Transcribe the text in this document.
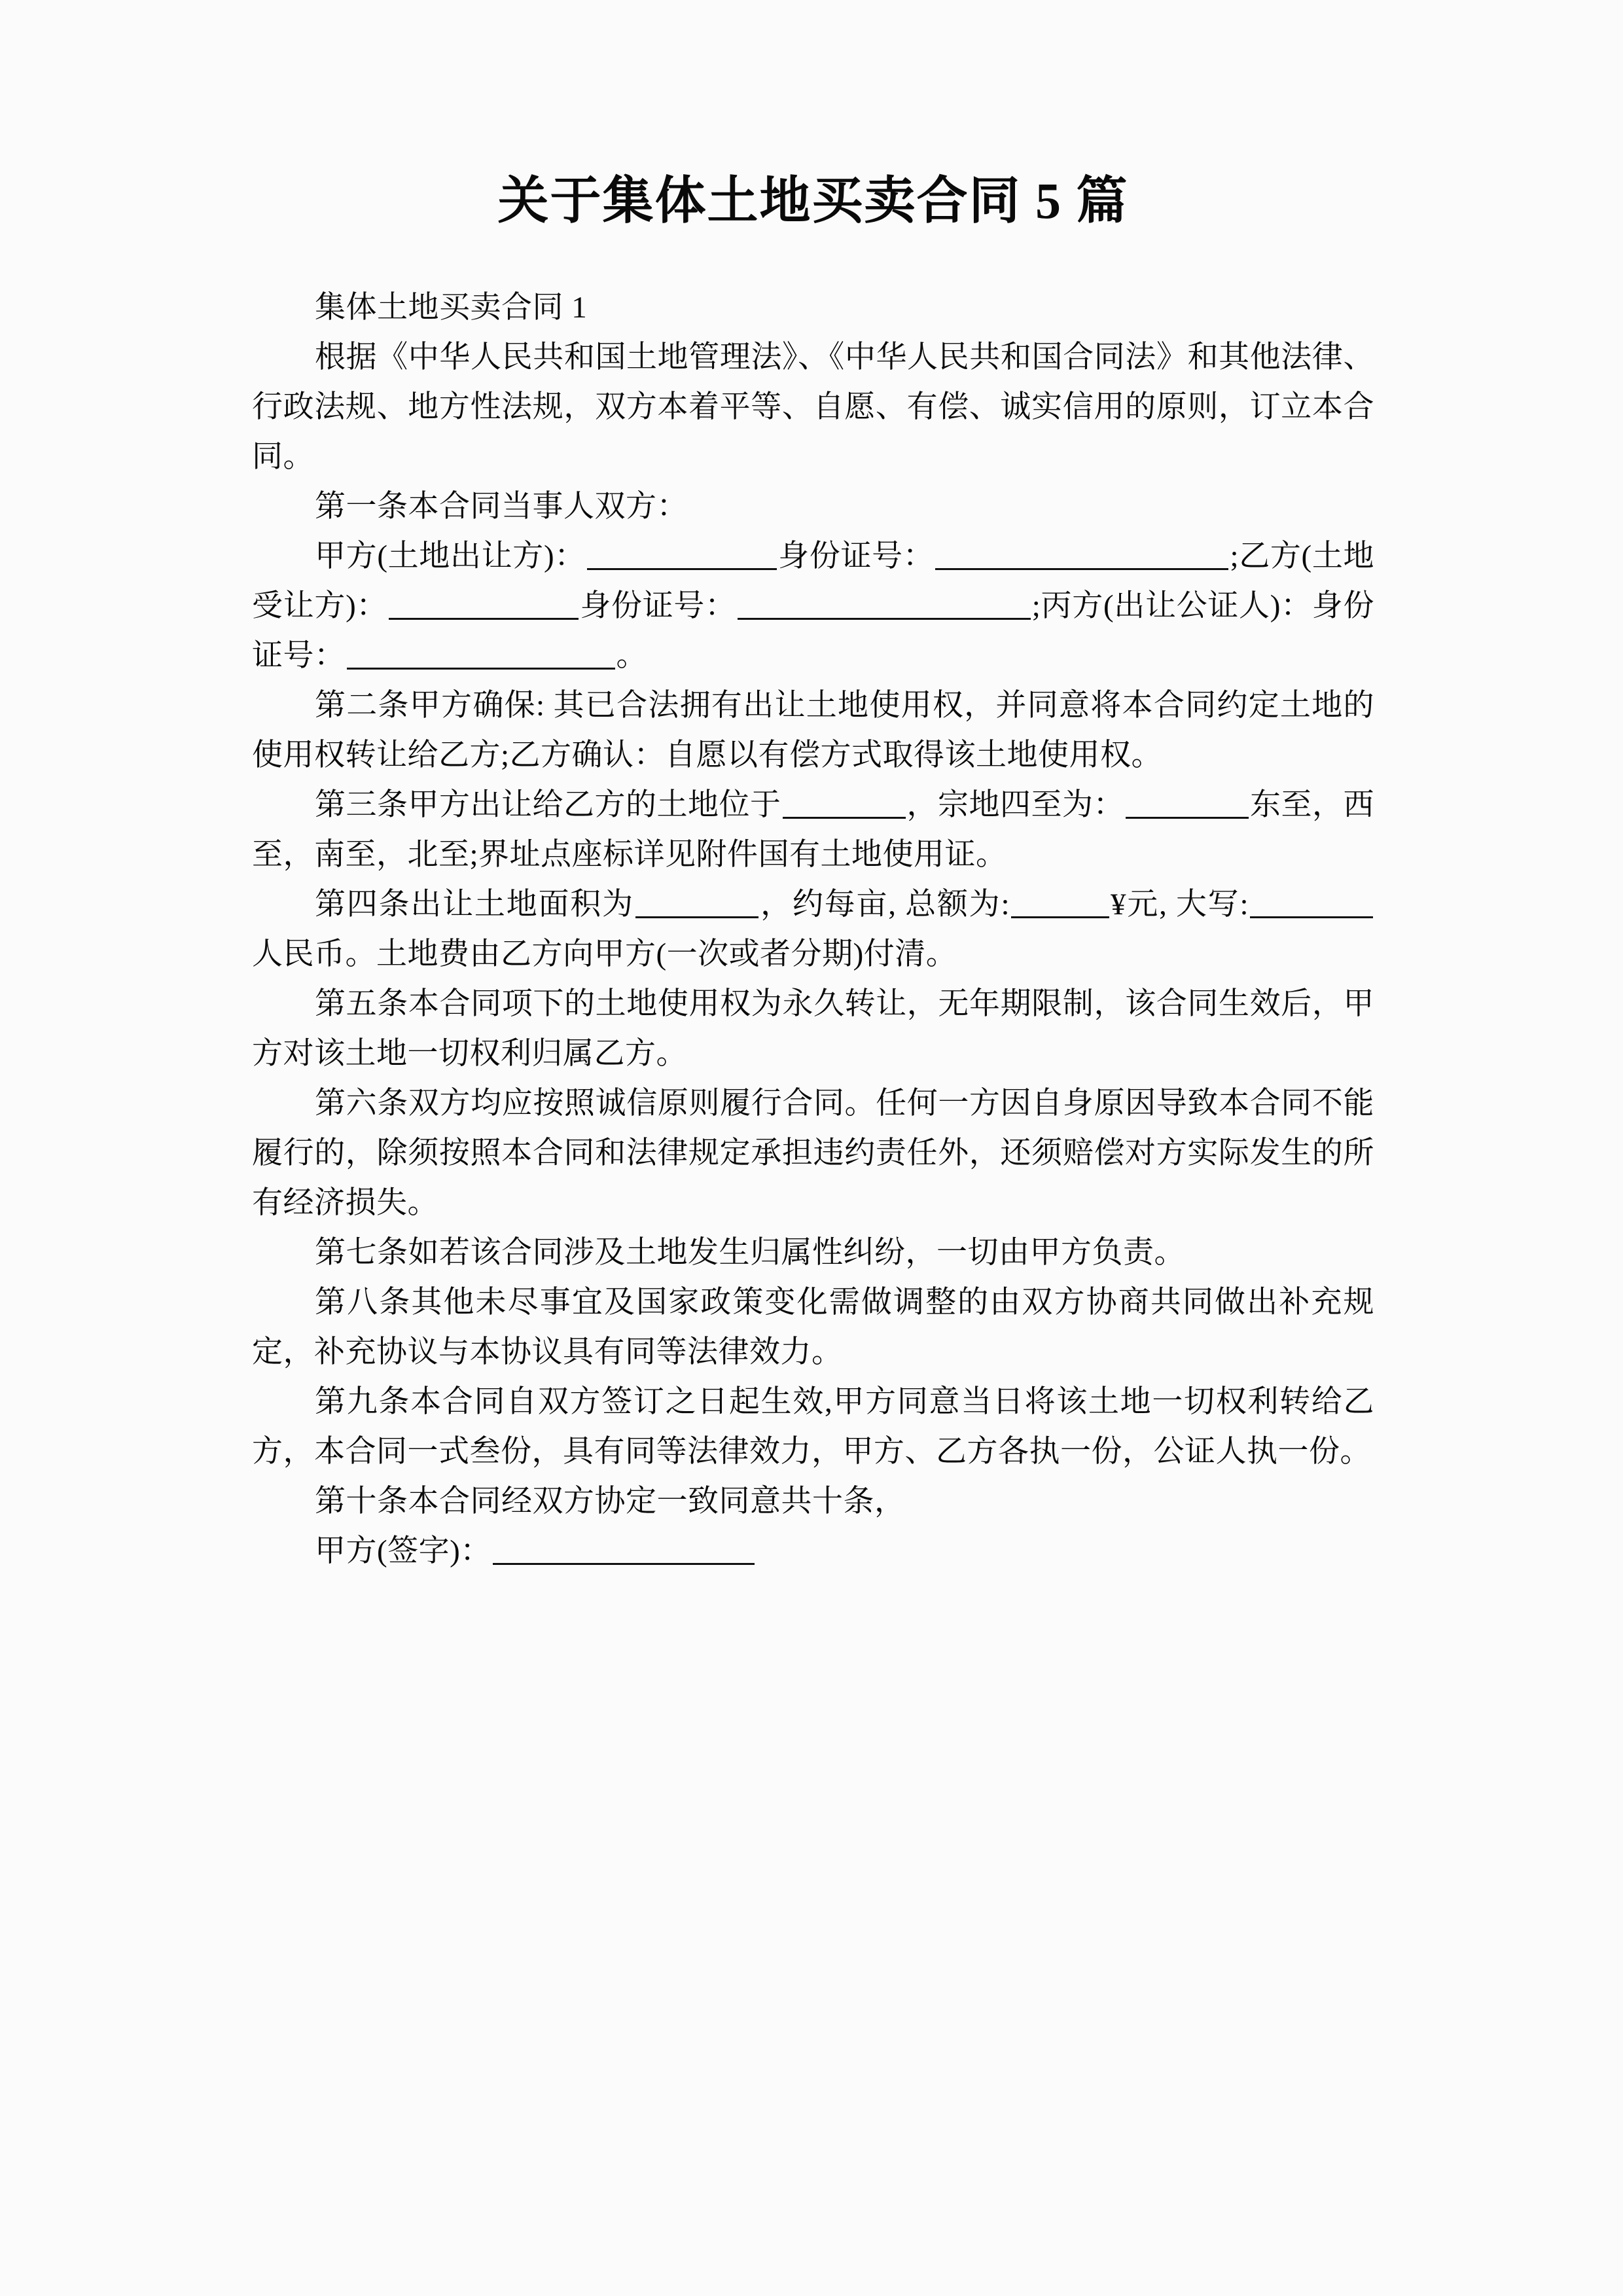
关于集体土地买卖合同 5 篇

集体土地买卖合同 1

根据《中华人民共和国土地管理法》、《中华人民共和国合同法》和其他法律、行政法规、地方性法规，双方本着平等、自愿、有偿、诚实信用的原则，订立本合同。

第一条本合同当事人双方：

甲方(土地出让方)：	身份证号：	;乙方(土地受让方)：	身份证号：	;丙方(出让公证人)：身份证号：	。

第二条甲方确保: 其已合法拥有出让土地使用权，并同意将本合同约定土地的使用权转让给乙方;乙方确认：自愿以有偿方式取得该土地使用权。

第三条甲方出让给乙方的土地位于	，宗地四至为：	东至，西至，南至，北至;界址点座标详见附件国有土地使用证。

第四条出让土地面积为	，约每亩, 总额为:	¥元, 大写:人民币。土地费由乙方向甲方(一次或者分期)付清。

第五条本合同项下的土地使用权为永久转让，无年期限制，该合同生效后，甲方对该土地一切权利归属乙方。

第六条双方均应按照诚信原则履行合同。任何一方因自身原因导致本合同不能履行的，除须按照本合同和法律规定承担违约责任外，还须赔偿对方实际发生的所有经济损失。

第七条如若该合同涉及土地发生归属性纠纷，一切由甲方负责。

第八条其他未尽事宜及国家政策变化需做调整的由双方协商共同做出补充规定，补充协议与本协议具有同等法律效力。

第九条本合同自双方签订之日起生效,甲方同意当日将该土地一切权利转给乙方，本合同一式叁份，具有同等法律效力，甲方、乙方各执一份，公证人执一份。

第十条本合同经双方协定一致同意共十条，

甲方(签字)：
